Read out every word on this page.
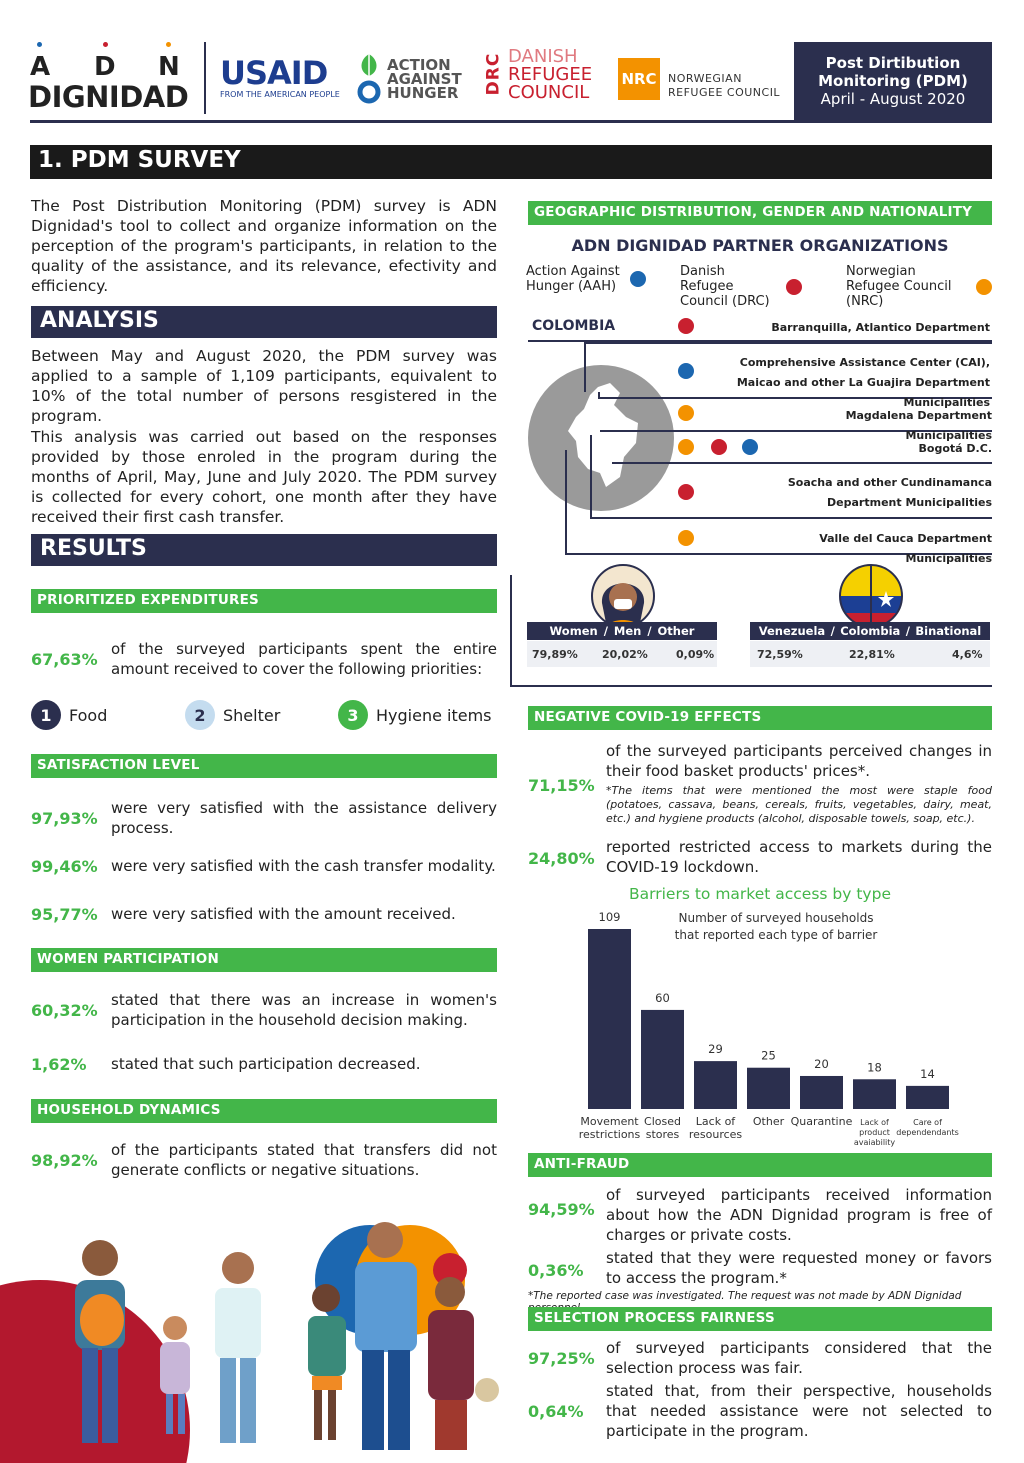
A D N
DIGNIDAD
USAID
FROM THE AMERICAN PEOPLE
ACTION
AGAINST
HUNGER DRC DANISH
REFUGEE
COUNCIL
NRC	NORWEGIAN
REFUGEE COUNCIL
Post Dirtibution Monitoring (PDM)
April - August 2020
1. PDM SURVEY
The Post Distribution Monitoring (PDM) survey is ADN Dignidad's tool to collect and organize information on the perception of the program's participants, in relation to the quality of the assistance, and its relevance, efectivity and efficiency.
ANALYSIS
Between May and August 2020, the PDM survey was applied to a sample of 1,109 participants, equivalent to 10% of the total number of persons resgistered in the program.
This analysis was carried out based on the responses provided by those enroled in the program during the months of April, May, June and July 2020. The PDM survey is collected for every cohort, one month after they have received their first cash transfer.
RESULTS
PRIORITIZED EXPENDITURES
67,63%
of the surveyed participants spent the entire amount received to cover the following priorities:
1	Food	2	Shelter	3	Hygiene items
SATISFACTION LEVEL
97,93%
were very satisfied with the assistance delivery process.
99,46% were very satisfied with the cash transfer modality.
95,77% were very satisfied with the amount received.
WOMEN PARTICIPATION
60,32%
stated that there was an increase in women's participation in the household decision making.
1,62%	stated that such participation decreased.
HOUSEHOLD DYNAMICS
98,92%
of the participants stated that transfers did not generate conflicts or negative situations.
GEOGRAPHIC DISTRIBUTION, GENDER AND NATIONALITY
ADN DIGNIDAD PARTNER ORGANIZATIONS
Action Against Hunger (AAH)
Danish Refugee Council (DRC)
Norwegian Refugee Council (NRC)
COLOMBIA	Barranquilla, Atlantico Department
Comprehensive Assistance Center (CAI), Maicao and other La Guajira Department Municipalities
Magdalena Department Municipalities
Bogotá D.C.
Soacha and other Cundinamanca Department Municipalities
Valle del Cauca Department Municipalities
Women / Men / Other
79,89% 20,02%	0,09%
Venezuela / Colombia / Binational
72,59%	22,81%	4,6%
NEGATIVE COVID-19 EFFECTS
71,15%
of the surveyed participants perceived changes in their food basket products' prices*.
*The items that were mentioned the most were staple food (potatoes, cassava, beans, cereals, fruits, vegetables, dairy, meat, etc.) and hygiene products (alcohol, disposable towels, soap, etc.).
24,80%
reported restricted access to markets during the COVID-19 lockdown.
Barriers to market access by type
Number of surveyed households that reported each type of barrier
109
Movement restrictions
60
Closed stores
29
Lack of resources
25
Other
20
Quarantine
18
Lack of product avaiability
14
Care of dependendants
ANTI-FRAUD
94,59%
of surveyed participants received information about how the ADN Dignidad program is free of charges or private costs.
0,36%
stated that they were requested money or favors to access the program.*
*The reported case was investigated. The request was not made by ADN Dignidad
SELECTION PROCESS FAIRNESS
97,25%
of surveyed participants considered that the selection process was fair.
0,64%
stated that, from their perspective, households that needed assistance were not selected to participate in the program.
